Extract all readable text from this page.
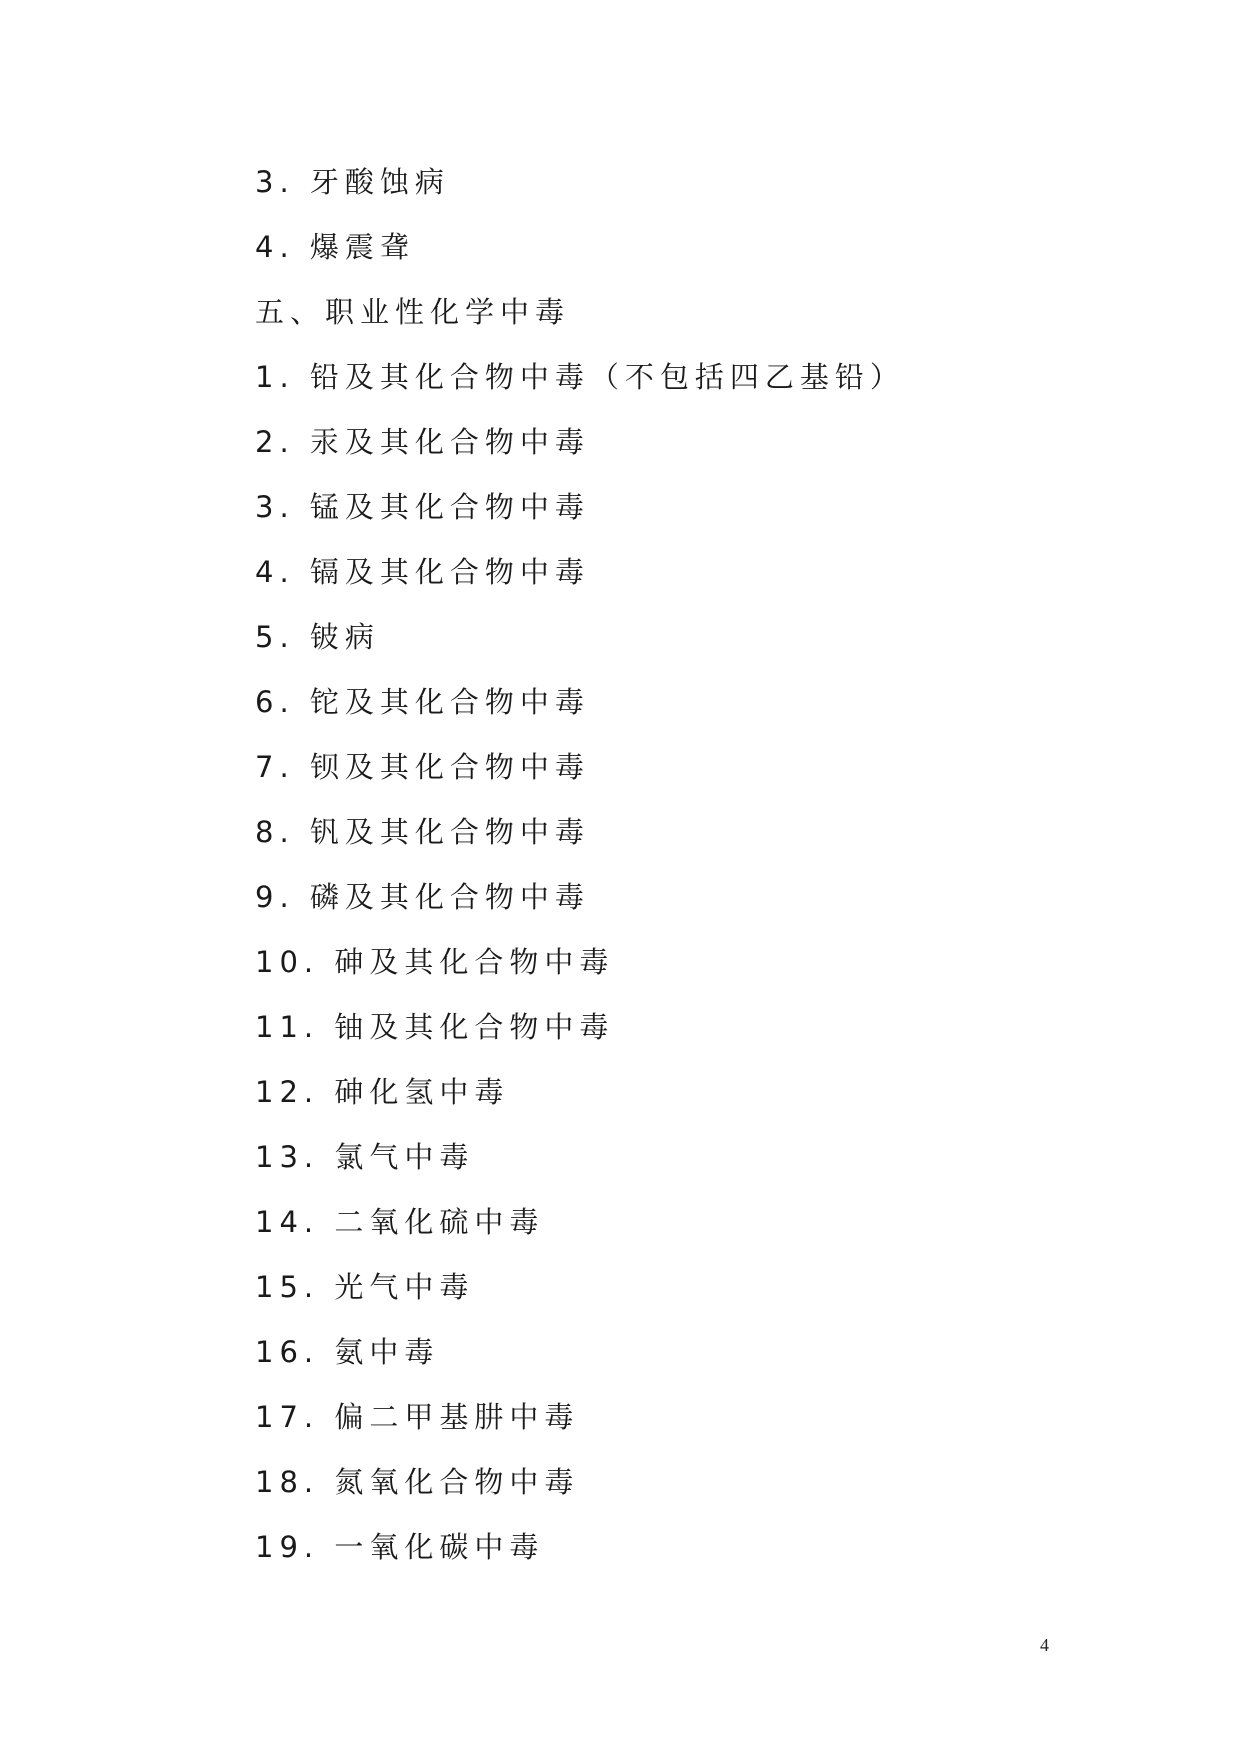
3. 牙酸蚀病
4. 爆震聋
五、职业性化学中毒
1. 铅及其化合物中毒（不包括四乙基铅）
2. 汞及其化合物中毒
3. 锰及其化合物中毒
4. 镉及其化合物中毒
5. 铍病
6. 铊及其化合物中毒
7. 钡及其化合物中毒
8. 钒及其化合物中毒
9. 磷及其化合物中毒
10. 砷及其化合物中毒
11. 铀及其化合物中毒
12. 砷化氢中毒
13. 氯气中毒
14. 二氧化硫中毒
15. 光气中毒
16. 氨中毒
17. 偏二甲基肼中毒
18. 氮氧化合物中毒
19. 一氧化碳中毒
4
